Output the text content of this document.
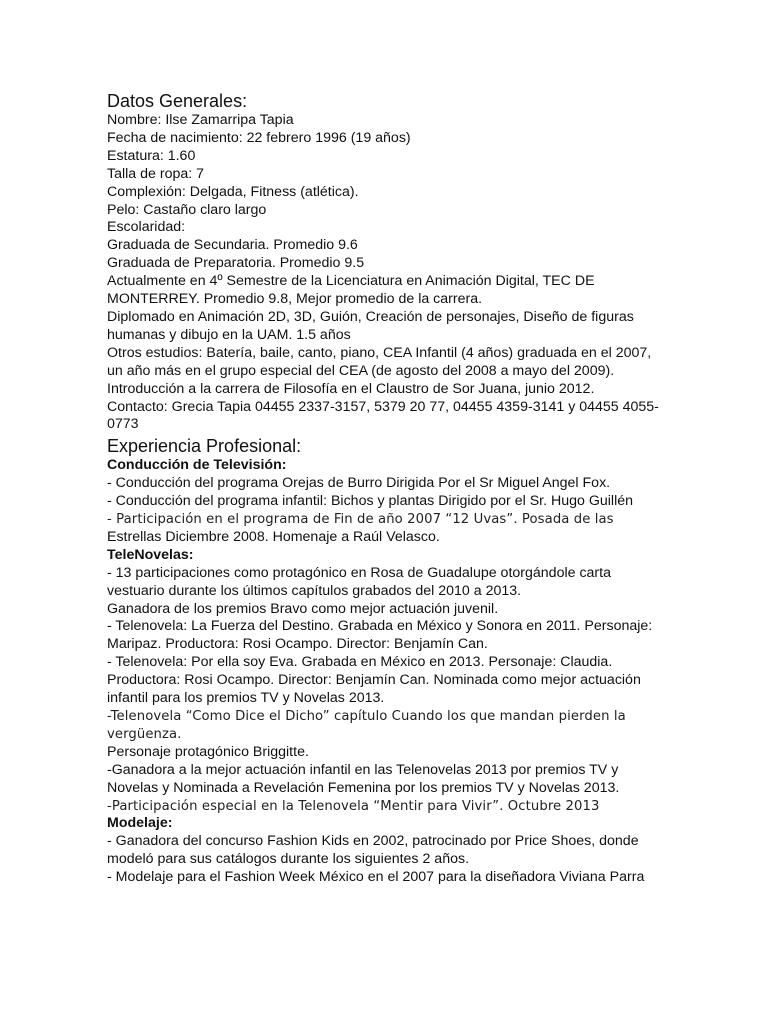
Datos Generales:

Nombre: Ilse Zamarripa Tapia
Fecha de nacimiento: 22 febrero 1996 (19 años)
Estatura: 1.60
Talla de ropa: 7
Complexión: Delgada, Fitness (atlética).
Pelo: Castaño claro largo
Escolaridad:
Graduada de Secundaria. Promedio 9.6
Graduada de Preparatoria. Promedio 9.5
Actualmente en 4º Semestre de la Licenciatura en Animación Digital, TEC DE MONTERREY. Promedio 9.8, Mejor promedio de la carrera.
Diplomado en Animación 2D, 3D, Guión, Creación de personajes, Diseño de figuras humanas y dibujo en la UAM. 1.5 años
Otros estudios: Batería, baile, canto, piano, CEA Infantil (4 años) graduada en el 2007, un año más en el grupo especial del CEA (de agosto del 2008 a mayo del 2009). Introducción a la carrera de Filosofía en el Claustro de Sor Juana, junio 2012.
Contacto: Grecia Tapia 04455 2337-3157, 5379 20 77, 04455 4359-3141 y 04455 4055-0773

Experiencia Profesional:

Conducción de Televisión:

- Conducción del programa Orejas de Burro Dirigida Por el Sr Miguel Angel Fox.
- Conducción del programa infantil: Bichos y plantas Dirigido por el Sr. Hugo Guillén
- Participación en el programa de Fin de año 2007 “12 Uvas”. Posada de las
Estrellas Diciembre 2008. Homenaje a Raúl Velasco.

TeleNovelas:

- 13 participaciones como protagónico en Rosa de Guadalupe otorgándole carta vestuario durante los últimos capítulos grabados del 2010 a 2013.
Ganadora de los premios Bravo como mejor actuación juvenil.
- Telenovela: La Fuerza del Destino. Grabada en México y Sonora en 2011. Personaje: Maripaz. Productora: Rosi Ocampo. Director: Benjamín Can.
- Telenovela: Por ella soy Eva. Grabada en México en 2013. Personaje: Claudia. Productora: Rosi Ocampo. Director: Benjamín Can. Nominada como mejor actuación infantil para los premios TV y Novelas 2013.
-Telenovela “Como Dice el Dicho” capítulo Cuando los que mandan pierden la vergüenza.
Personaje protagónico Briggitte.
-Ganadora a la mejor actuación infantil en las Telenovelas 2013 por premios TV y Novelas y Nominada a Revelación Femenina por los premios TV y Novelas 2013.
-Participación especial en la Telenovela “Mentir para Vivir”. Octubre 2013

Modelaje:

- Ganadora del concurso Fashion Kids en 2002, patrocinado por Price Shoes, donde modeló para sus catálogos durante los siguientes 2 años.
- Modelaje para el Fashion Week México en el 2007 para la diseñadora Viviana Parra
